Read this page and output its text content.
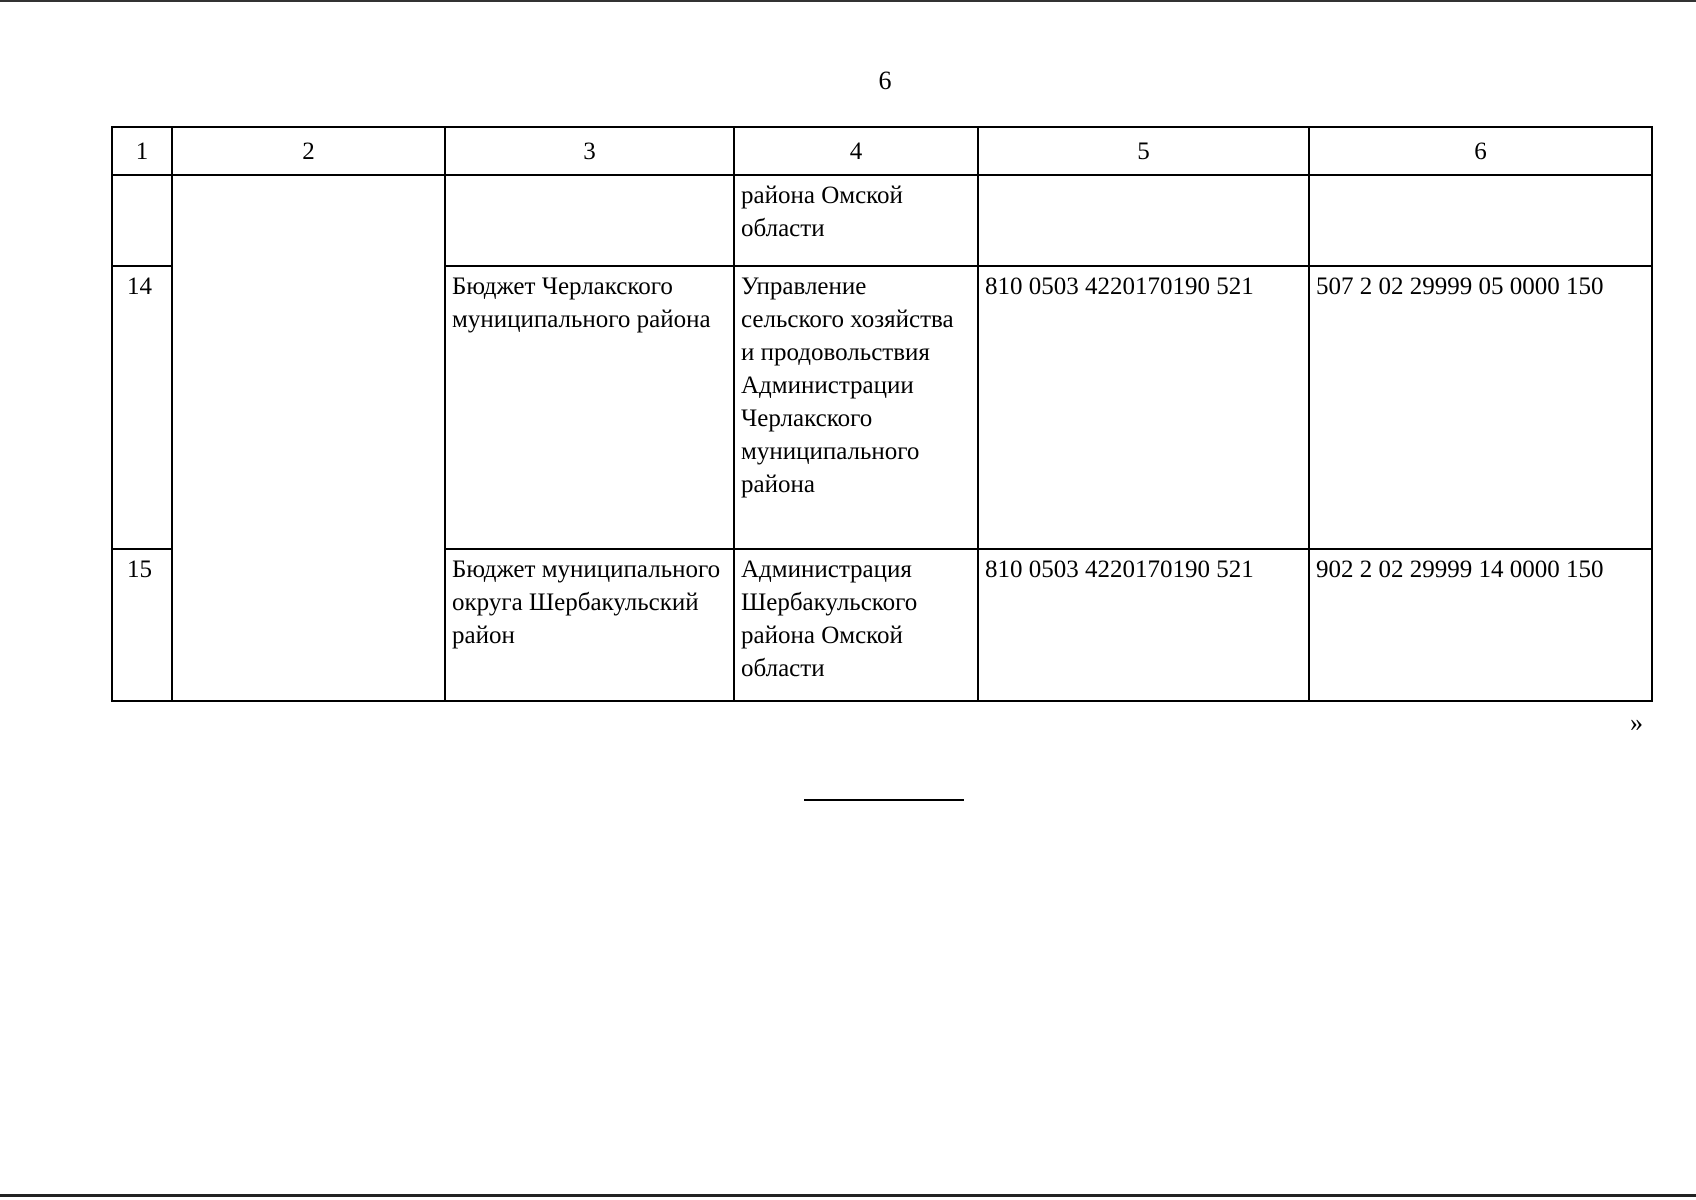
6
1	2	3	4	5	6
			района Омской области		
14		Бюджет Черлакского муниципального района	Управление сельского хозяйства и продовольствия Администрации Черлакского муниципального района	810 0503 4220170190 521	507 2 02 29999 05 0000 150
15		Бюджет муниципального округа Шербакульский район	Администрация Шербакульского района Омской области	810 0503 4220170190 521	902 2 02 29999 14 0000 150
»
